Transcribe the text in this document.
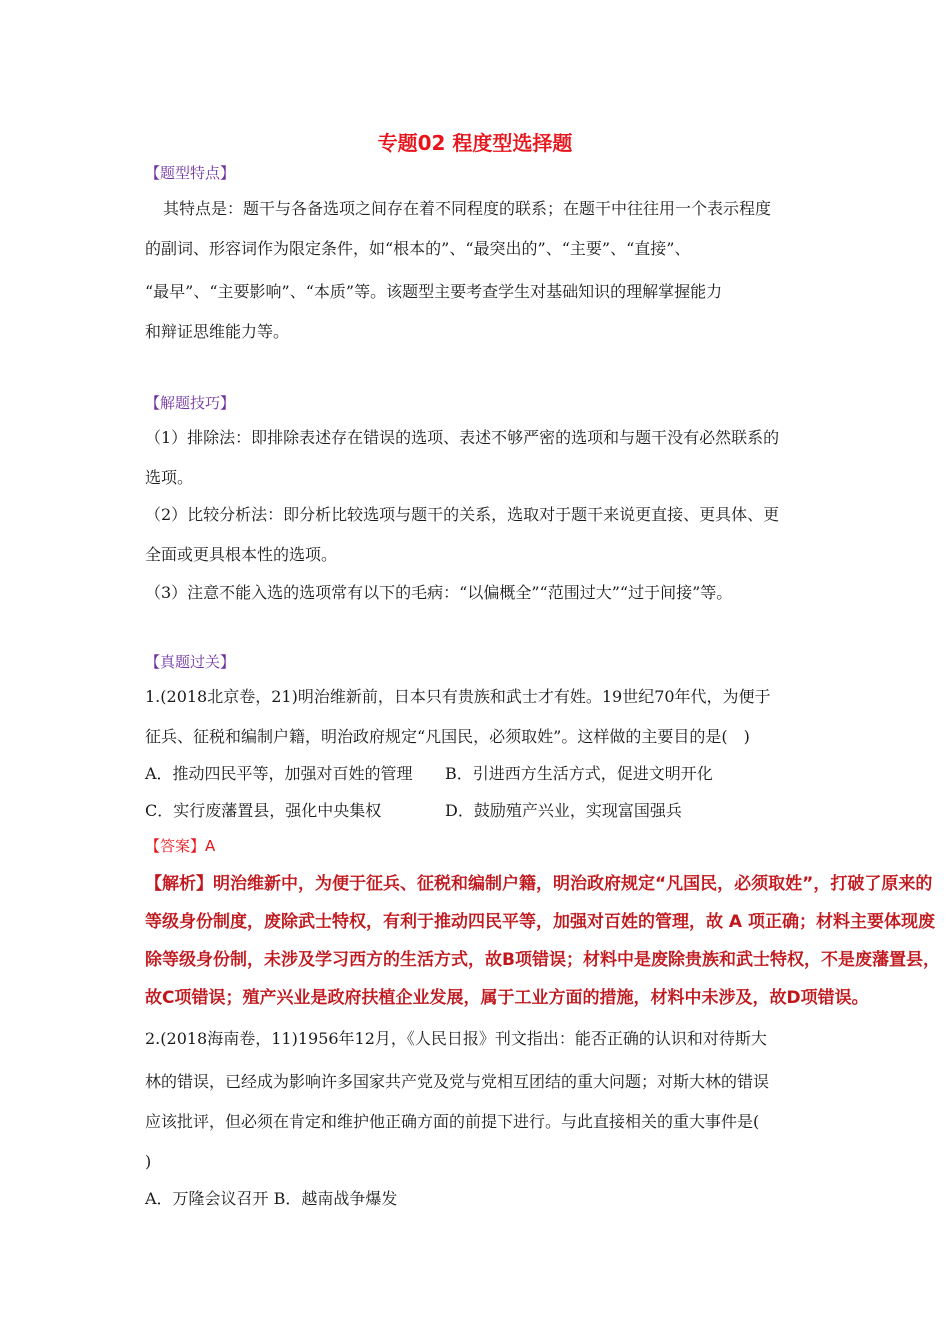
专题02 程度型选择题
【题型特点】
其特点是：题干与各备选项之间存在着不同程度的联系；在题干中往往用一个表示程度
的副词、形容词作为限定条件，如“根本的”、“最突出的”、“主要”、“直接”、
“最早”、“主要影响”、“本质”等。该题型主要考查学生对基础知识的理解掌握能力
和辩证思维能力等。
【解题技巧】
（1）排除法：即排除表述存在错误的选项、表述不够严密的选项和与题干没有必然联系的
选项。
（2）比较分析法：即分析比较选项与题干的关系，选取对于题干来说更直接、更具体、更
全面或更具根本性的选项。
（3）注意不能入选的选项常有以下的毛病：“以偏概全”“范围过大”“过于间接”等。
【真题过关】
1.(2018北京卷，21)明治维新前，日本只有贵族和武士才有姓。19世纪70年代，为便于
征兵、征税和编制户籍，明治政府规定“凡国民，必须取姓”。这样做的主要目的是(　)
A．推动四民平等，加强对百姓的管理 B．引进西方生活方式，促进文明开化
C．实行废藩置县，强化中央集权	D．鼓励殖产兴业，实现富国强兵
【答案】A
【解析】明治维新中，为便于征兵、征税和编制户籍，明治政府规定“凡国民，必须取姓”，打破了原来的
等级身份制度，废除武士特权，有利于推动四民平等，加强对百姓的管理，故 A 项正确；材料主要体现废
除等级身份制，未涉及学习西方的生活方式，故B项错误；材料中是废除贵族和武士特权，不是废藩置县，
故C项错误；殖产兴业是政府扶植企业发展，属于工业方面的措施，材料中未涉及，故D项错误。
2.(2018海南卷，11)1956年12月，《人民日报》刊文指出：能否正确的认识和对待斯大
林的错误，已经成为影响许多国家共产党及党与党相互团结的重大问题；对斯大林的错误
应该批评，但必须在肯定和维护他正确方面的前提下进行。与此直接相关的重大事件是(
)
A．万隆会议召开 B．越南战争爆发
